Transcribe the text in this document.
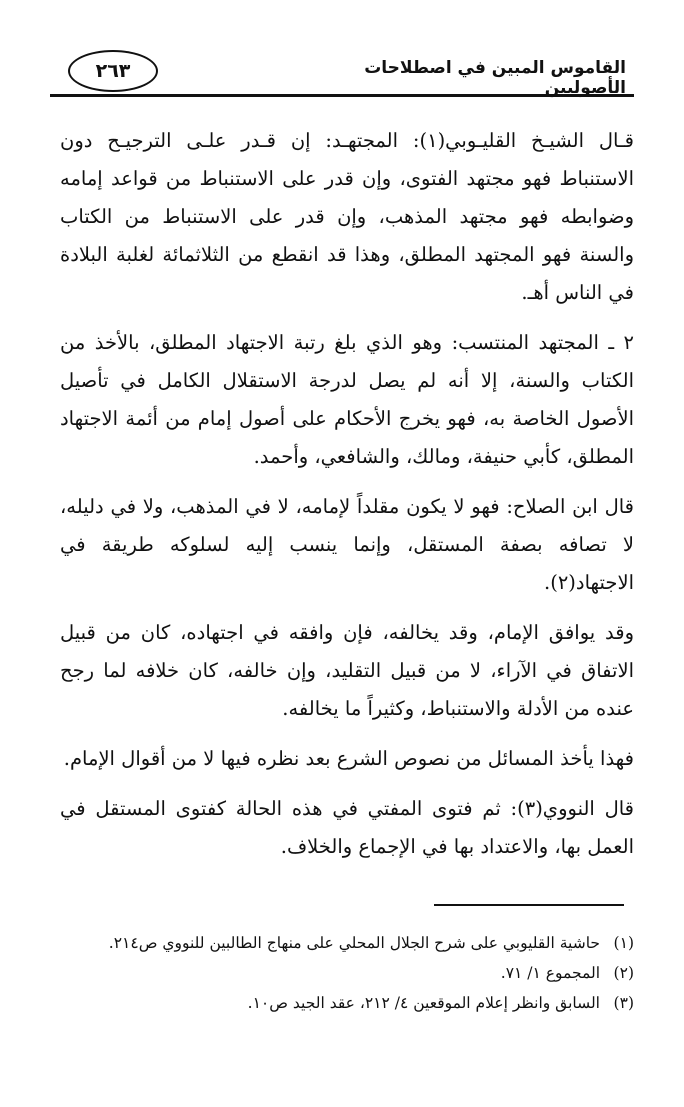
القاموس المبين في اصطلاحات الأصوليين
٢٦٣

قـال الشيـخ القليـوبي(١): المجتهـد: إن قـدر علـى الترجيـح دون الاستنباط فهو مجتهد الفتوى، وإن قدر على الاستنباط من قواعد إمامه وضوابطه فهو مجتهد المذهب، وإن قدر على الاستنباط من الكتاب والسنة فهو المجتهد المطلق، وهذا قد انقطع من الثلاثمائة لغلبة البلادة في الناس أهـ.

٢ ـ المجتهد المنتسب: وهو الذي بلغ رتبة الاجتهاد المطلق، بالأخذ من الكتاب والسنة، إلا أنه لم يصل لدرجة الاستقلال الكامل في تأصيل الأصول الخاصة به، فهو يخرج الأحكام على أصول إمام من أئمة الاجتهاد المطلق، كأبي حنيفة، ومالك، والشافعي، وأحمد.

قال ابن الصلاح: فهو لا يكون مقلداً لإمامه، لا في المذهب، ولا في دليله، لا تصافه بصفة المستقل، وإنما ينسب إليه لسلوكه طريقة في الاجتهاد(٢).

وقد يوافق الإمام، وقد يخالفه، فإن وافقه في اجتهاده، كان من قبيل الاتفاق في الآراء، لا من قبيل التقليد، وإن خالفه، كان خلافه لما رجح عنده من الأدلة والاستنباط، وكثيراً ما يخالفه.

فهذا يأخذ المسائل من نصوص الشرع بعد نظره فيها لا من أقوال الإمام.

قال النووي(٣): ثم فتوى المفتي في هذه الحالة كفتوى المستقل في العمل بها، والاعتداد بها في الإجماع والخلاف.

(١)
حاشية القليوبي على شرح الجلال المحلي على منهاج الطالبين للنووي ص٢١٤.
(٢)
المجموع ١/ ٧١.
(٣)
السابق وانظر إعلام الموقعين ٤/ ٢١٢، عقد الجيد ص١٠.
